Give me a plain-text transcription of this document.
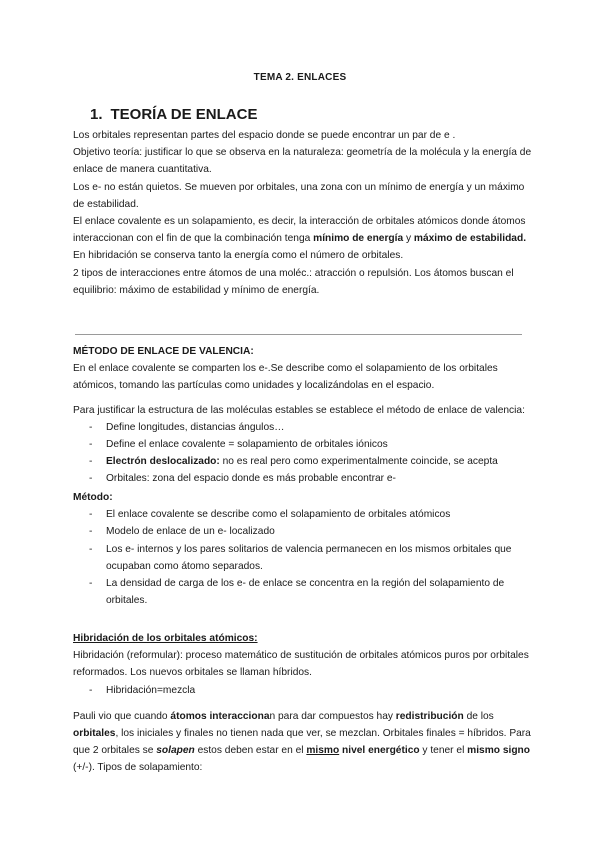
TEMA 2. ENLACES
1. TEORÍA DE ENLACE

Los orbitales representan partes del espacio donde se puede encontrar un par de e .

Objetivo teoría: justificar lo que se observa en la naturaleza: geometría de la molécula y la energía de enlace de manera cuantitativa.

Los e- no están quietos. Se mueven por orbitales, una zona con un mínimo de energía y un máximo de estabilidad.

El enlace covalente es un solapamiento, es decir, la interacción de orbitales atómicos donde átomos interaccionan con el fin de que la combinación tenga mínimo de energía y máximo de estabilidad.

En hibridación se conserva tanto la energía como el número de orbitales.

2 tipos de interacciones entre átomos de una moléc.: atracción o repulsión. Los átomos buscan el equilibrio: máximo de estabilidad y mínimo de energía.

MÉTODO DE ENLACE DE VALENCIA:

En el enlace covalente se comparten los e-.Se describe como el solapamiento de los orbitales atómicos, tomando las partículas como unidades y localizándolas en el espacio.

Para justificar la estructura de las moléculas estables se establece el método de enlace de valencia:

- Define longitudes, distancias ángulos…
- Define el enlace covalente = solapamiento de orbitales iónicos
- Electrón deslocalizado: no es real pero como experimentalmente coincide, se acepta
- Orbitales: zona del espacio donde es más probable encontrar e-

Método:

- El enlace covalente se describe como el solapamiento de orbitales atómicos
- Modelo de enlace de un e- localizado
- Los e- internos y los pares solitarios de valencia permanecen en los mismos orbitales que ocupaban como átomo separados.
- La densidad de carga de los e- de enlace se concentra en la región del solapamiento de orbitales.

Hibridación de los orbitales atómicos:

Hibridación (reformular): proceso matemático de sustitución de orbitales atómicos puros por orbitales reformados. Los nuevos orbitales se llaman híbridos.

- Hibridación=mezcla

Pauli vio que cuando átomos interaccionan para dar compuestos hay redistribución de los orbitales, los iniciales y finales no tienen nada que ver, se mezclan. Orbitales finales = híbridos. Para que 2 orbitales se solapen estos deben estar en el mismo nivel energético y tener el mismo signo (+/-). Tipos de solapamiento:
